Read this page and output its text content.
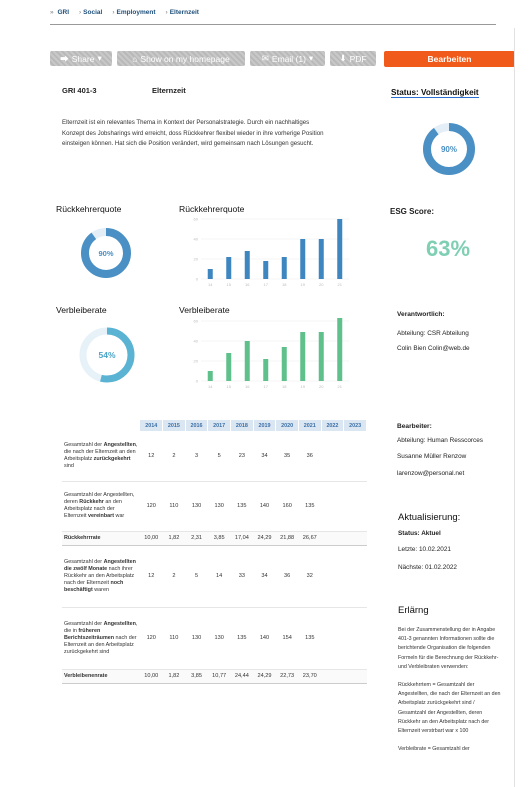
» GRI › Social › Employment › Elternzeit
⮕ Share ▾	⌂ Show on my homepage	✉ Email (1) ▾	⬇ PDF	Bearbeiten
GRI 401-3	Elternzeit	Status: Vollständigkeit
Elternzeit ist ein relevantes Thema in Kontext der Personalstrategie. Durch ein nachhaltiges Konzept des Jobsharings wird erreicht, doss Rückkehrer flexibel wieder in ihre vorherige Position einsteigen können. Hat sich die Position verändert, wird gemeinsam nach Lösungen gesucht.
90%
Rückkehrerquote	Rückkehrerquote
90%
0
20
40
60
14	15	16	17	18	19	20	21
ESG Score:
63%
Verbleiberate	Verbleiberate
54%
0
20
40
60
14	15	16	17	18	19	20	21
Verantwortlich:
Abteilung: CSR Abteilung
Colin Bien Colin@web.de
	2014	2015	2016	2017	2018	2019	2020	2021	2022	2023
Gesamtzahl der Angestellten, die nach der Elternzeit an den Arbeitsplatz zurückgekehrt sind	12	2	3	5	23	34	35	36		
Gesamtzahl der Angestellten, deren Rückkehr an den Arbeitsplatz nach der Elternzeit vereinbart war	120	110	130	130	135	140	160	135		
Rückkehrrrate	10,00	1,82	2,31	3,85	17,04	24,29	21,88	26,67		
Gesamtzahl der Angestellten die zwölf Monate nach ihrer Rückkehr an den Arbeitsplatz nach der Elternzeit noch beschäftigt waren	12	2	5	14	33	34	36	32		
Gesamtzahl der Angestellten, die in früheren Berichtszeiträumen nach der Elternzeit an den Arbeitsplatz zurückgekehrt sind	120	110	130	130	135	140	154	135		
Verbleibenenrate	10,00	1,82	3,85	10,77	24,44	24,29	22,73	23,70		
Bearbeiter:
Abteilung: Human Resscorces
Susanne Müller Renzow
larenzow@personal.net
Aktualisierung:
Status: Aktuel
Letzte: 10.02.2021
Nächste: 01.02.2022
Erlärng
Bei der Zusammenstellung der in Angabe 401-3 genannten Informationen sollte die berichtende Organisation die folgenden Formeln für die Berechnung der Rückkehr- und Verbleibraten verwenden:
Rückkehrrtem = Gesamtzahl der Angestellten, die nach der Elternzeit an den Arbeitsplatz zurückgekehrt sind / Gesamtzahl der Angestellten, deren Rückkehr an den Arbeitsplatz nach der Elternzeit verstrbart war x 100
Verbleibrate = Gesamtzahl der
